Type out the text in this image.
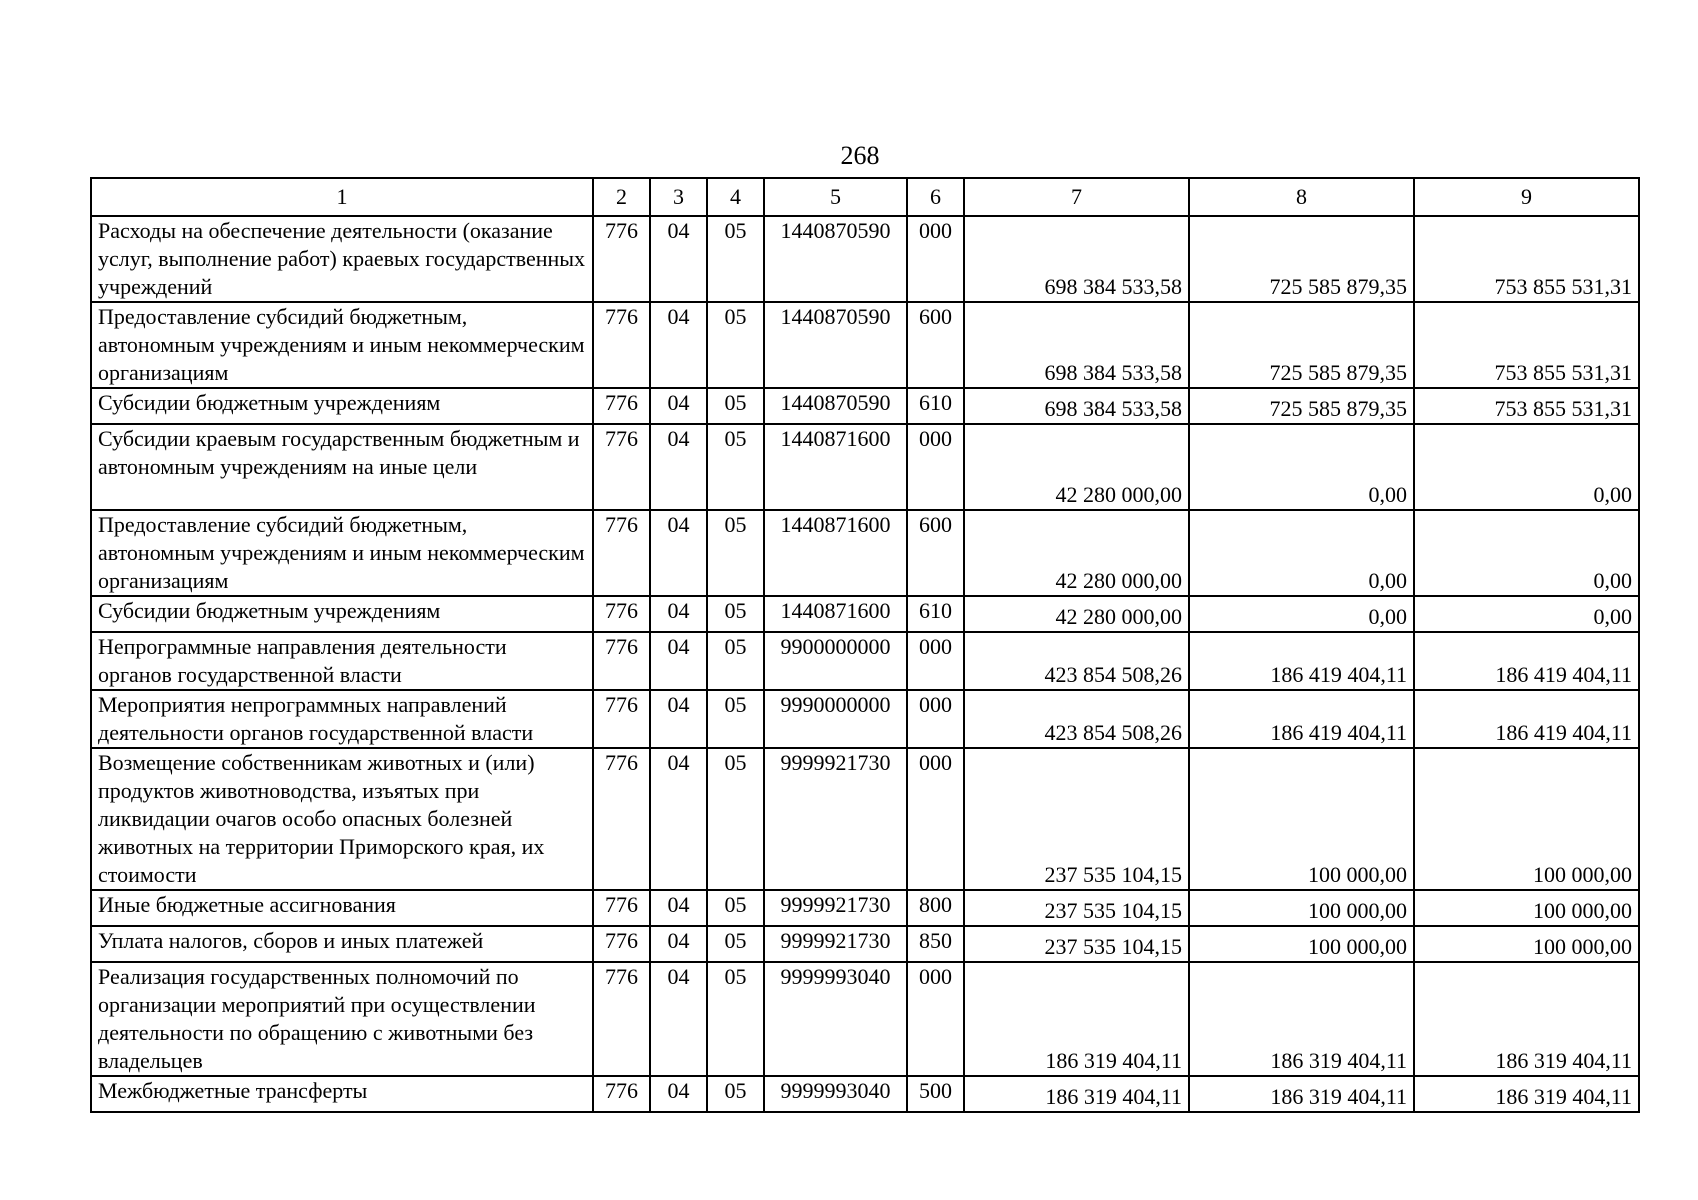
268
1	2	3	4	5	6	7	8	9
Расходы на обеспечение деятельности (оказание услуг, выполнение работ) краевых государственных учреждений	776	04	05	1440870590	000	698 384 533,58	725 585 879,35	753 855 531,31
Предоставление субсидий бюджетным, автономным учреждениям и иным некоммерческим организациям	776	04	05	1440870590	600	698 384 533,58	725 585 879,35	753 855 531,31
Субсидии бюджетным учреждениям	776	04	05	1440870590	610	698 384 533,58	725 585 879,35	753 855 531,31
Субсидии краевым государственным бюджетным и автономным учреждениям на иные цели	776	04	05	1440871600	000	42 280 000,00	0,00	0,00
Предоставление субсидий бюджетным, автономным учреждениям и иным некоммерческим организациям	776	04	05	1440871600	600	42 280 000,00	0,00	0,00
Субсидии бюджетным учреждениям	776	04	05	1440871600	610	42 280 000,00	0,00	0,00
Непрограммные направления деятельности органов государственной власти	776	04	05	9900000000	000	423 854 508,26	186 419 404,11	186 419 404,11
Мероприятия непрограммных направлений деятельности органов государственной власти	776	04	05	9990000000	000	423 854 508,26	186 419 404,11	186 419 404,11
Возмещение собственникам животных и (или) продуктов животноводства, изъятых при ликвидации очагов особо опасных болезней животных на территории Приморского края, их стоимости	776	04	05	9999921730	000	237 535 104,15	100 000,00	100 000,00
Иные бюджетные ассигнования	776	04	05	9999921730	800	237 535 104,15	100 000,00	100 000,00
Уплата налогов, сборов и иных платежей	776	04	05	9999921730	850	237 535 104,15	100 000,00	100 000,00
Реализация государственных полномочий по организации мероприятий при осуществлении деятельности по обращению с животными без владельцев	776	04	05	9999993040	000	186 319 404,11	186 319 404,11	186 319 404,11
Межбюджетные трансферты	776	04	05	9999993040	500	186 319 404,11	186 319 404,11	186 319 404,11
